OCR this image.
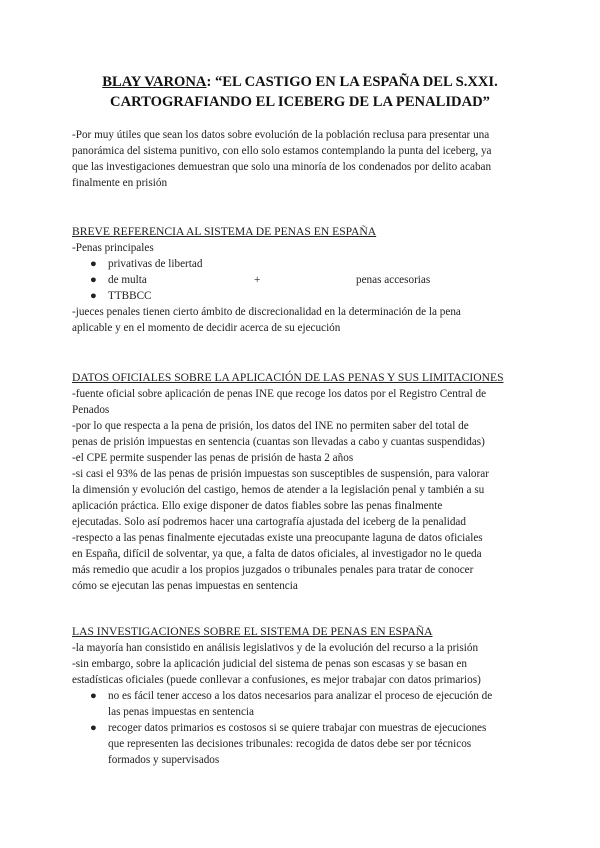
BLAY VARONA: “EL CASTIGO EN LA ESPAÑA DEL S.XXI.
CARTOGRAFIANDO EL ICEBERG DE LA PENALIDAD”
-Por muy útiles que sean los datos sobre evolución de la población reclusa para presentar una
panorámica del sistema punitivo, con ello solo estamos contemplando la punta del iceberg, ya
que las investigaciones demuestran que solo una minoría de los condenados por delito acaban
finalmente en prisión
BREVE REFERENCIA AL SISTEMA DE PENAS EN ESPAÑA
-Penas principales
● privativas de libertad
● de multa	+	penas accesorias
● TTBBCC
-jueces penales tienen cierto ámbito de discrecionalidad en la determinación de la pena
aplicable y en el momento de decidir acerca de su ejecución
DATOS OFICIALES SOBRE LA APLICACIÓN DE LAS PENAS Y SUS LIMITACIONES
-fuente oficial sobre aplicación de penas INE que recoge los datos por el Registro Central de
Penados
-por lo que respecta a la pena de prisión, los datos del INE no permiten saber del total de
penas de prisión impuestas en sentencia (cuantas son llevadas a cabo y cuantas suspendidas)
-el CPE permite suspender las penas de prisión de hasta 2 años
-si casi el 93% de las penas de prisión impuestas son susceptibles de suspensión, para valorar
la dimensión y evolución del castigo, hemos de atender a la legislación penal y también a su
aplicación práctica. Ello exige disponer de datos fiables sobre las penas finalmente
ejecutadas. Solo así podremos hacer una cartografía ajustada del iceberg de la penalidad
-respecto a las penas finalmente ejecutadas existe una preocupante laguna de datos oficiales
en España, difícil de solventar, ya que, a falta de datos oficiales, al investigador no le queda
más remedio que acudir a los propios juzgados o tribunales penales para tratar de conocer
cómo se ejecutan las penas impuestas en sentencia
LAS INVESTIGACIONES SOBRE EL SISTEMA DE PENAS EN ESPAÑA
-la mayoría han consistido en análisis legislativos y de la evolución del recurso a la prisión
-sin embargo, sobre la aplicación judicial del sistema de penas son escasas y se basan en
estadísticas oficiales (puede conllevar a confusiones, es mejor trabajar con datos primarios)
● no es fácil tener acceso a los datos necesarios para analizar el proceso de ejecución de
las penas impuestas en sentencia
● recoger datos primarios es costosos si se quiere trabajar con muestras de ejecuciones
que representen las decisiones tribunales: recogida de datos debe ser por técnicos
formados y supervisados
